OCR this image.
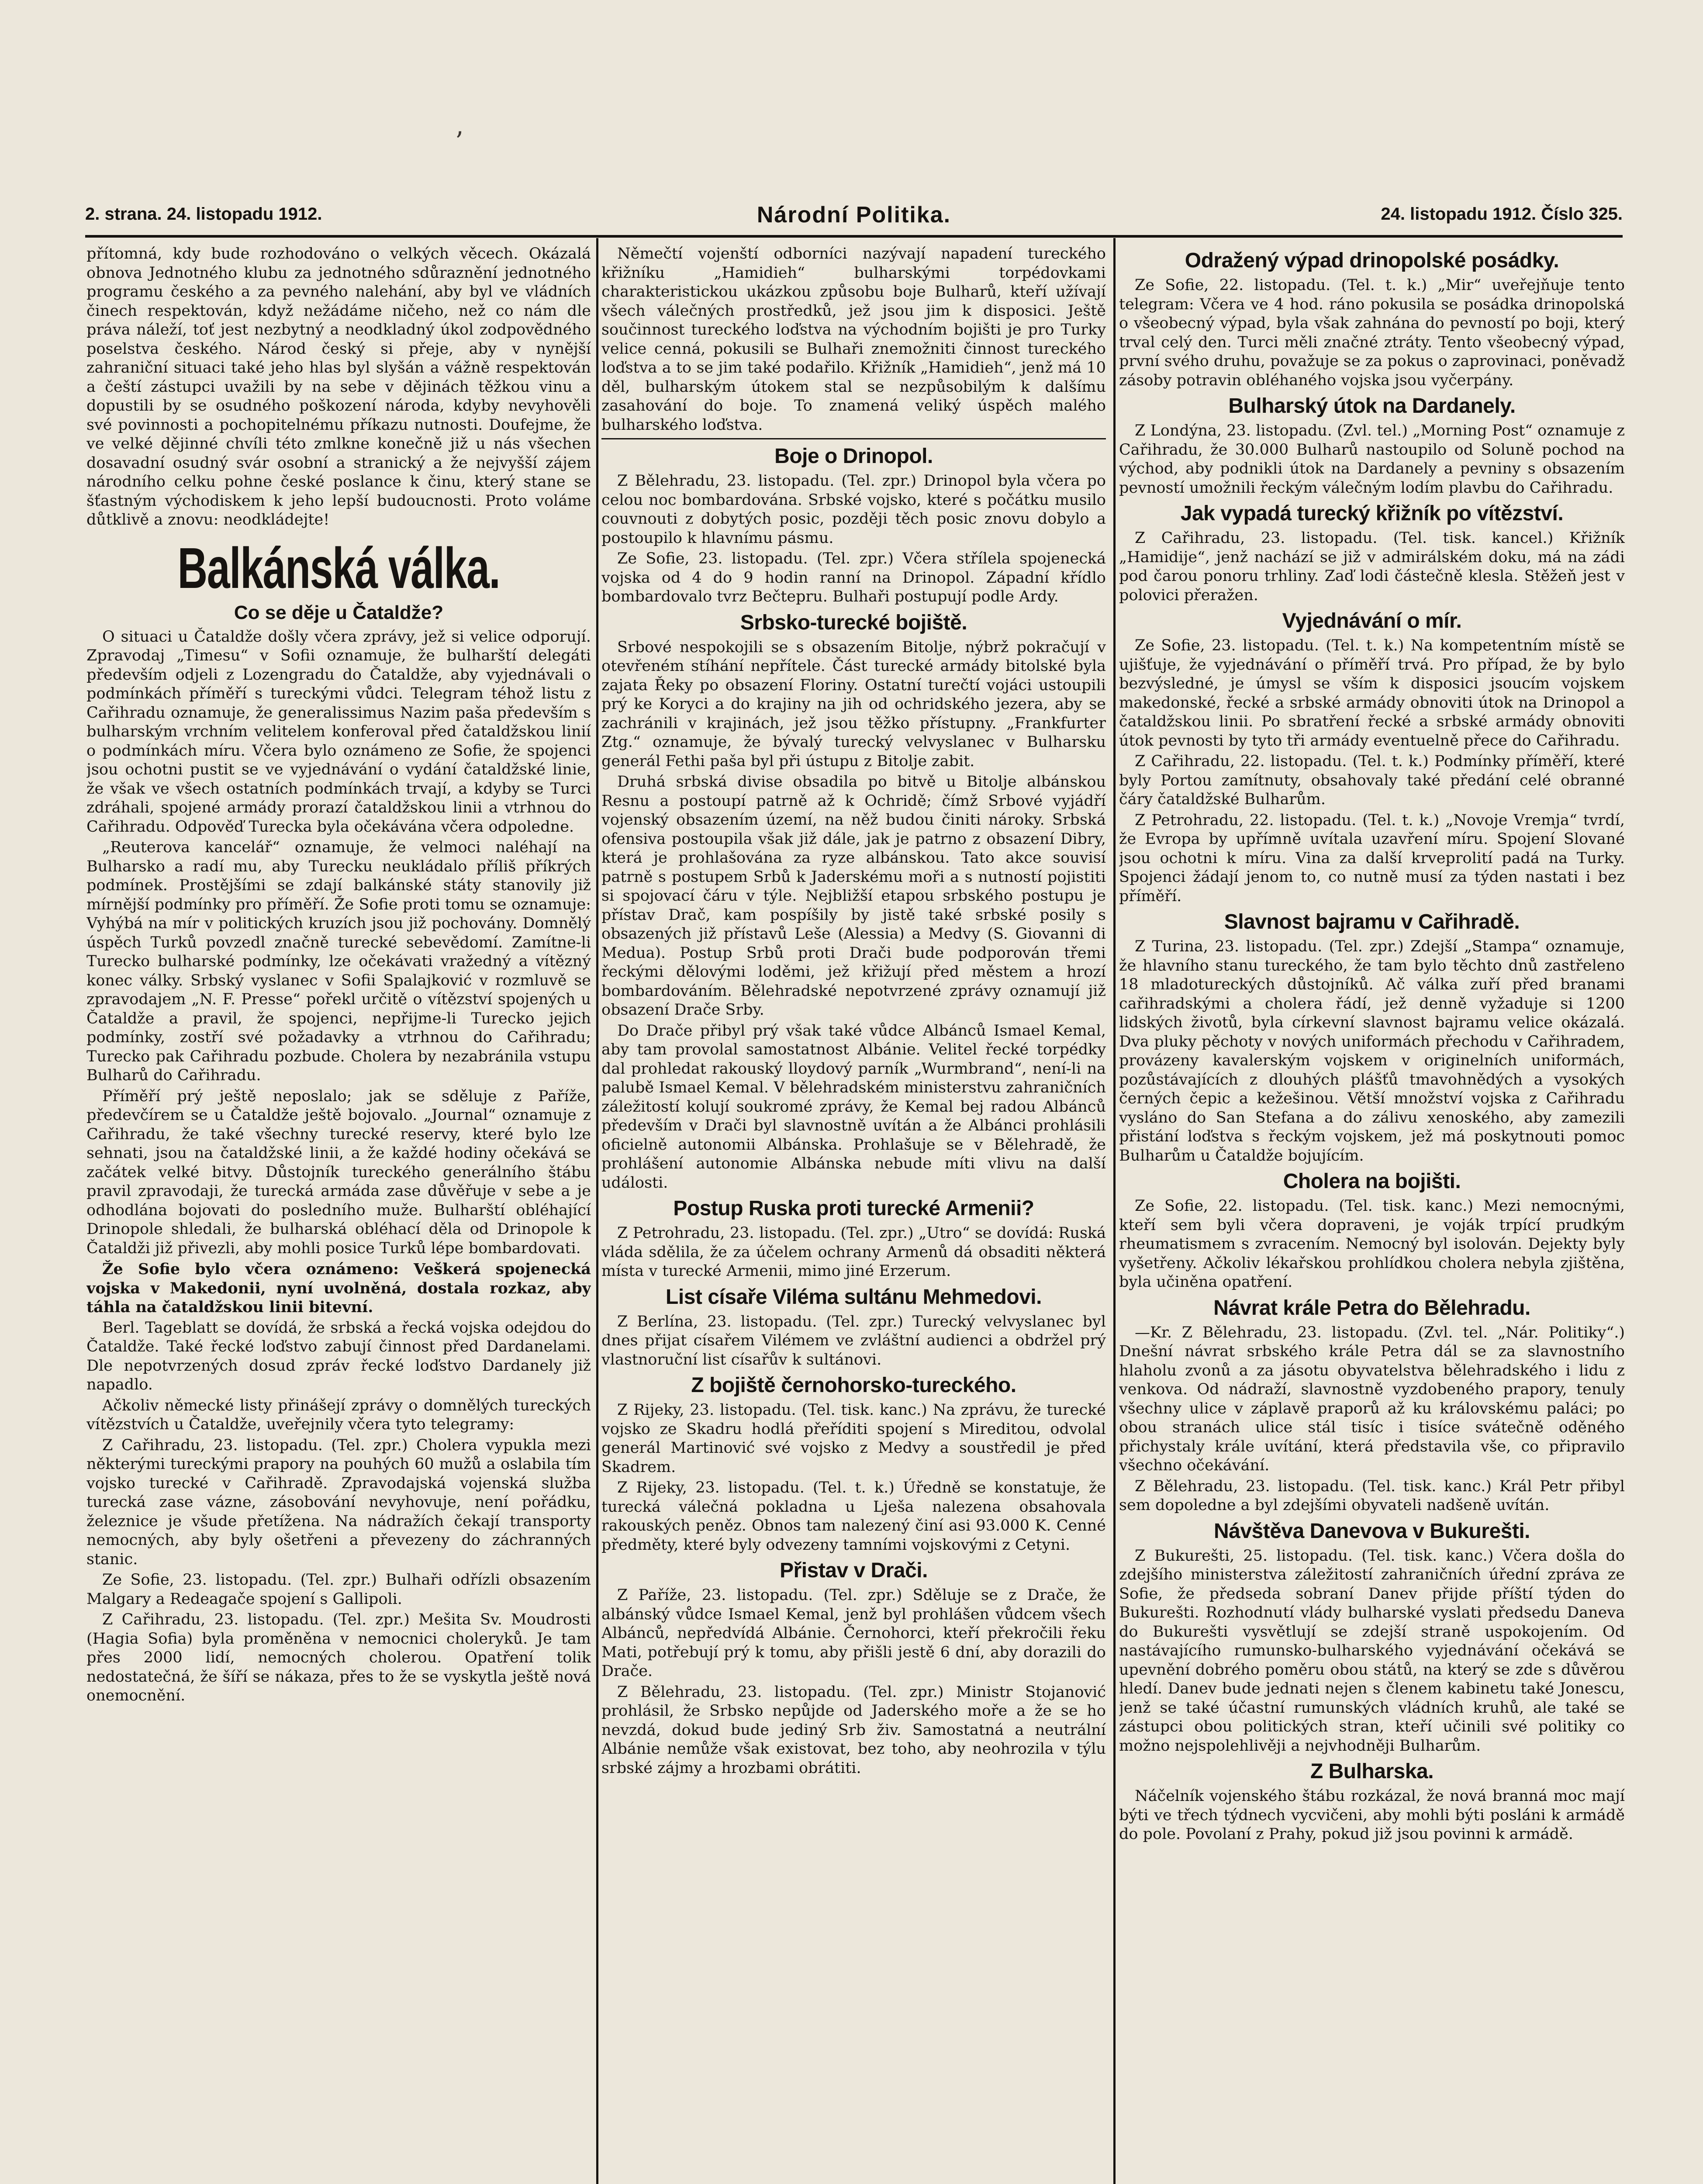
ʼ
2. strana. 24. listopadu 1912.	Národní Politika.	24. listopadu 1912. Číslo 325.

přítomná, kdy bude rozhodováno o velkých věcech. Okázalá obnova Jednotného klubu za jednotného sdůraznění jednotného programu českého a za pevného nalehání, aby byl ve vládních činech respektován, když nežádáme ničeho, než co nám dle práva náleží, toť jest nezbytný a neodkladný úkol zodpovědného poselstva českého. Národ český si přeje, aby v nynější zahraniční situaci také jeho hlas byl slyšán a vážně respektován a čeští zástupci uvažili by na sebe v dějinách těžkou vinu a dopustili by se osudného poškození národa, kdyby nevyhověli své povinnosti a pochopitelnému příkazu nutnosti. Doufejme, že ve velké dějinné chvíli této zmlkne konečně již u nás všechen dosavadní osudný svár osobní a stranický a že nejvyšší zájem národního celku pohne české poslance k činu, který stane se šťastným východiskem k jeho lepší budoucnosti. Proto voláme důtklivě a znovu: neodkládejte!

Balkánská válka.
Co se děje u Čataldže?

O situaci u Čataldže došly včera zprávy, jež si velice odporují. Zpravodaj „Timesu“ v Sofii oznamuje, že bulharští delegáti především odjeli z Lozengradu do Čataldže, aby vyjednávali o podmínkách příměří s tureckými vůdci. Telegram téhož listu z Cařihradu oznamuje, že generalissimus Nazim paša především s bulharským vrchním velitelem konferoval před čataldžskou linií o podmínkách míru. Včera bylo oznámeno ze Sofie, že spojenci jsou ochotni pustit se ve vyjednávání o vydání čataldžské linie, že však ve všech ostatních podmínkách trvají, a kdyby se Turci zdráhali, spojené armády prorazí čataldžskou linii a vtrhnou do Cařihradu. Odpověď Turecka byla očekávána včera odpoledne.

„Reuterova kancelář“ oznamuje, že velmoci naléhají na Bulharsko a radí mu, aby Turecku neukládalo příliš příkrých podmínek. Prostějšími se zdají balkánské státy stanovily již mírnější podmínky pro příměří. Že Sofie proti tomu se oznamuje: Vyhýbá na mír v politických kruzích jsou již pochovány. Domnělý úspěch Turků povzedl značně turecké sebevědomí. Zamítne-li Turecko bulharské podmínky, lze očekávati vražedný a vítězný konec války. Srbský vyslanec v Sofii Spalajković v rozmluvě se zpravodajem „N. F. Presse“ pořekl určitě o vítězství spojených u Čataldže a pravil, že spojenci, nepřijme-li Turecko jejich podmínky, zostří své požadavky a vtrhnou do Cařihradu; Turecko pak Cařihradu pozbude. Cholera by nezabránila vstupu Bulharů do Cařihradu.

Příměří prý ještě neposlalo; jak se sděluje z Paříže, předevčírem se u Čataldže ještě bojovalo. „Journal“ oznamuje z Cařihradu, že také všechny turecké reservy, které bylo lze sehnati, jsou na čataldžské linii, a že každé hodiny očekává se začátek velké bitvy. Důstojník tureckého generálního štábu pravil zpravodaji, že turecká armáda zase důvěřuje v sebe a je odhodlána bojovati do posledního muže. Bulharští obléhající Drinopole shledali, že bulharská obléhací děla od Drinopole k Čataldži již přivezli, aby mohli posice Turků lépe bombardovati.

Že Sofie bylo včera oznámeno: Veškerá spojenecká vojska v Makedonii, nyní uvolněná, dostala rozkaz, aby táhla na čataldžskou linii bitevní.

Berl. Tageblatt se dovídá, že srbská a řecká vojska odejdou do Čataldže. Také řecké loďstvo zabují činnost před Dardanelami. Dle nepotvrzených dosud zpráv řecké loďstvo Dardanely již napadlo.

Ačkoliv německé listy přinášejí zprávy o domnělých tureckých vítězstvích u Čataldže, uveřejnily včera tyto telegramy:

Z Cařihradu, 23. listopadu. (Tel. zpr.) Cholera vypukla mezi některými tureckými prapory na pouhých 60 mužů a oslabila tím vojsko turecké v Cařihradě. Zpravodajská vojenská služba turecká zase vázne, zásobování nevyhovuje, není pořádku, železnice je všude přetížena. Na nádražích čekají transporty nemocných, aby byly ošetřeni a převezeny do záchranných stanic.

Ze Sofie, 23. listopadu. (Tel. zpr.) Bulhaři odřízli obsazením Malgary a Redeagače spojení s Gallipoli.

Z Cařihradu, 23. listopadu. (Tel. zpr.) Mešita Sv. Moudrosti (Hagia Sofia) byla proměněna v nemocnici choleryků. Je tam přes 2000 lidí, nemocných cholerou. Opatření tolik nedostatečná, že šíří se nákaza, přes to že se vyskytla ještě nová onemocnění.

Němečtí vojenští odborníci nazývají napadení tureckého křižníku „Hamidieh“ bulharskými torpédovkami charakteristickou ukázkou způsobu boje Bulharů, kteří užívají všech válečných prostředků, jež jsou jim k disposici. Ještě součinnost tureckého loďstva na východním bojišti je pro Turky velice cenná, pokusili se Bulhaři znemožniti činnost tureckého loďstva a to se jim také podařilo. Křižník „Hamidieh“, jenž má 10 děl, bulharským útokem stal se nezpůsobilým k dalšímu zasahování do boje. To znamená veliký úspěch malého bulharského loďstva.

Boje o Drinopol.

Z Bělehradu, 23. listopadu. (Tel. zpr.) Drinopol byla včera po celou noc bombardována. Srbské vojsko, které s počátku musilo couvnouti z dobytých posic, později těch posic znovu dobylo a postoupilo k hlavnímu pásmu.

Ze Sofie, 23. listopadu. (Tel. zpr.) Včera střílela spojenecká vojska od 4 do 9 hodin ranní na Drinopol. Západní křídlo bombardovalo tvrz Bečtepru. Bulhaři postupují podle Ardy.

Srbsko-turecké bojiště.

Srbové nespokojili se s obsazením Bitolje, nýbrž pokračují v otevřeném stíhání nepřítele. Část turecké armády bitolské byla zajata Řeky po obsazení Floriny. Ostatní turečtí vojáci ustoupili prý ke Koryci a do krajiny na jih od ochridského jezera, aby se zachránili v krajinách, jež jsou těžko přístupny. „Frankfurter Ztg.“ oznamuje, že bývalý turecký velvyslanec v Bulharsku generál Fethi paša byl při ústupu z Bitolje zabit.

Druhá srbská divise obsadila po bitvě u Bitolje albánskou Resnu a postoupí patrně až k Ochridě; čímž Srbové vyjádří vojenský obsazením území, na něž budou činiti nároky. Srbská ofensiva postoupila však již dále, jak je patrno z obsazení Dibry, která je prohlašována za ryze albánskou. Tato akce souvisí patrně s postupem Srbů k Jaderskému moři a s nutností pojistiti si spojovací čáru v týle. Nejbližší etapou srbského postupu je přístav Drač, kam pospíšily by jistě také srbské posily s obsazených již přístavů Leše (Alessia) a Medvy (S. Giovanni di Medua). Postup Srbů proti Drači bude podporován třemi řeckými dělovými loděmi, jež křižují před městem a hrozí bombardováním. Bělehradské nepotvrzené zprávy oznamují již obsazení Drače Srby.

Do Drače přibyl prý však také vůdce Albánců Ismael Kemal, aby tam provolal samostatnost Albánie. Velitel řecké torpédky dal prohledat rakouský lloydový parník „Wurmbrand“, není-li na palubě Ismael Kemal. V bělehradském ministerstvu zahraničních záležitostí kolují soukromé zprávy, že Kemal bej radou Albánců především v Drači byl slavnostně uvítán a že Albánci prohlásili oficielně autonomii Albánska. Prohlašuje se v Bělehradě, že prohlášení autonomie Albánska nebude míti vlivu na další události.

Postup Ruska proti turecké Armenii?

Z Petrohradu, 23. listopadu. (Tel. zpr.) „Utro“ se dovídá: Ruská vláda sdělila, že za účelem ochrany Armenů dá obsaditi některá místa v turecké Armenii, mimo jiné Erzerum.

List císaře Viléma sultánu Mehmedovi.

Z Berlína, 23. listopadu. (Tel. zpr.) Turecký velvyslanec byl dnes přijat císařem Vilémem ve zvláštní audienci a obdržel prý vlastnoruční list císařův k sultánovi.

Z bojiště černohorsko-tureckého.

Z Rijeky, 23. listopadu. (Tel. tisk. kanc.) Na zprávu, že turecké vojsko ze Skadru hodlá přeříditi spojení s Mireditou, odvolal generál Martinović své vojsko z Medvy a soustředil je před Skadrem.

Z Rijeky, 23. listopadu. (Tel. t. k.) Úředně se konstatuje, že turecká válečná pokladna u Lješa nalezena obsahovala rakouských peněz. Obnos tam nalezený činí asi 93.000 K. Cenné předměty, které byly odvezeny tamními vojskovými z Cetyni.

Přistav v Drači.

Z Paříže, 23. listopadu. (Tel. zpr.) Sděluje se z Drače, že albánský vůdce Ismael Kemal, jenž byl prohlášen vůdcem všech Albánců, nepředvídá Albánie. Černohorci, kteří překročili řeku Mati, potřebují prý k tomu, aby přišli jestě 6 dní, aby dorazili do Drače.

Z Bělehradu, 23. listopadu. (Tel. zpr.) Ministr Stojanović prohlásil, že Srbsko nepůjde od Jaderského moře a že se ho nevzdá, dokud bude jediný Srb živ. Samostatná a neutrální Albánie nemůže však existovat, bez toho, aby neohrozila v týlu srbské zájmy a hrozbami obrátiti.

Odražený výpad drinopolské posádky.

Ze Sofie, 22. listopadu. (Tel. t. k.) „Mir“ uveřejňuje tento telegram: Včera ve 4 hod. ráno pokusila se posádka drinopolská o všeobecný výpad, byla však zahnána do pevností po boji, který trval celý den. Turci měli značné ztráty. Tento všeobecný výpad, první svého druhu, považuje se za pokus o zaprovinaci, poněvadž zásoby potravin obléhaného vojska jsou vyčerpány.

Bulharský útok na Dardanely.

Z Londýna, 23. listopadu. (Zvl. tel.) „Morning Post“ oznamuje z Cařihradu, že 30.000 Bulharů nastoupilo od Soluně pochod na východ, aby podnikli útok na Dardanely a pevniny s obsazením pevností umožnili řeckým válečným lodím plavbu do Cařihradu.

Jak vypadá turecký křižník po vítězství.

Z Cařihradu, 23. listopadu. (Tel. tisk. kancel.) Křižník „Hamidije“, jenž nachází se již v admirálském doku, má na zádi pod čarou ponoru trhliny. Zaď lodi částečně klesla. Stěžeň jest v polovici přeražen.

Vyjednávání o mír.

Ze Sofie, 23. listopadu. (Tel. t. k.) Na kompetentním místě se ujišťuje, že vyjednávání o příměří trvá. Pro případ, že by bylo bezvýsledné, je úmysl se vším k disposici jsoucím vojskem makedonské, řecké a srbské armády obnoviti útok na Drinopol a čataldžskou linii. Po sbratření řecké a srbské armády obnoviti útok pevnosti by tyto tři armády eventuelně přece do Cařihradu.

Z Cařihradu, 22. listopadu. (Tel. t. k.) Podmínky příměří, které byly Portou zamítnuty, obsahovaly také předání celé obranné čáry čataldžské Bulharům.

Z Petrohradu, 22. listopadu. (Tel. t. k.) „Novoje Vremja“ tvrdí, že Evropa by upřímně uvítala uzavření míru. Spojení Slované jsou ochotni k míru. Vina za další krveprolití padá na Turky. Spojenci žádají jenom to, co nutně musí za týden nastati i bez příměří.

Slavnost bajramu v Cařihradě.

Z Turina, 23. listopadu. (Tel. zpr.) Zdejší „Stampa“ oznamuje, že hlavního stanu tureckého, že tam bylo těchto dnů zastřeleno 18 mladotureckých důstojníků. Ač válka zuří před branami cařihradskými a cholera řádí, jež denně vyžaduje si 1200 lidských životů, byla církevní slavnost bajramu velice okázalá. Dva pluky pěchoty v nových uniformách přechodu v Cařihradem, provázeny kavalerským vojskem v originelních uniformách, pozůstávajících z dlouhých plášťů tmavohnědých a vysokých černých čepic a kežešinou. Větší množství vojska z Cařihradu vysláno do San Stefana a do zálivu xenoského, aby zamezili přistání loďstva s řeckým vojskem, jež má poskytnouti pomoc Bulharům u Čataldže bojujícím.

Cholera na bojišti.

Ze Sofie, 22. listopadu. (Tel. tisk. kanc.) Mezi nemocnými, kteří sem byli včera dopraveni, je voják trpící prudkým rheumatismem s zvracením. Nemocný byl isolován. Dejekty byly vyšetřeny. Ačkoliv lékařskou prohlídkou cholera nebyla zjištěna, byla učiněna opatření.

Návrat krále Petra do Bělehradu.

—Kr. Z Bělehradu, 23. listopadu. (Zvl. tel. „Nár. Politiky“.) Dnešní návrat srbského krále Petra dál se za slavnostního hlaholu zvonů a za jásotu obyvatelstva bělehradského i lidu z venkova. Od nádraží, slavnostně vyzdobeného prapory, tenuly všechny ulice v záplavě praporů až ku královskému paláci; po obou stranách ulice stál tisíc i tisíce svátečně oděného přichystaly krále uvítání, která představila vše, co připravilo všechno očekávání.

Z Bělehradu, 23. listopadu. (Tel. tisk. kanc.) Král Petr přibyl sem dopoledne a byl zdejšími obyvateli nadšeně uvítán.

Návštěva Danevova v Bukurešti.

Z Bukurešti, 25. listopadu. (Tel. tisk. kanc.) Včera došla do zdejšího ministerstva záležitostí zahraničních úřední zpráva ze Sofie, že předseda sobraní Danev přijde příští týden do Bukurešti. Rozhodnutí vlády bulharské vyslati předsedu Daneva do Bukurešti vysvětlují se zdejší straně uspokojením. Od nastávajícího rumunsko-bulharského vyjednávání očekává se upevnění dobrého poměru obou států, na který se zde s důvěrou hledí. Danev bude jednati nejen s členem kabinetu také Jonescu, jenž se také účastní rumunských vládních kruhů, ale také se zástupci obou politických stran, kteří učinili své politiky co možno nejspolehlivěji a nejvhodněji Bulharům.

Z Bulharska.

Náčelník vojenského štábu rozkázal, že nová branná moc mají býti ve třech týdnech vycvičeni, aby mohli býti posláni k armádě do pole. Povolaní z Prahy, pokud již jsou povinni k armádě.
